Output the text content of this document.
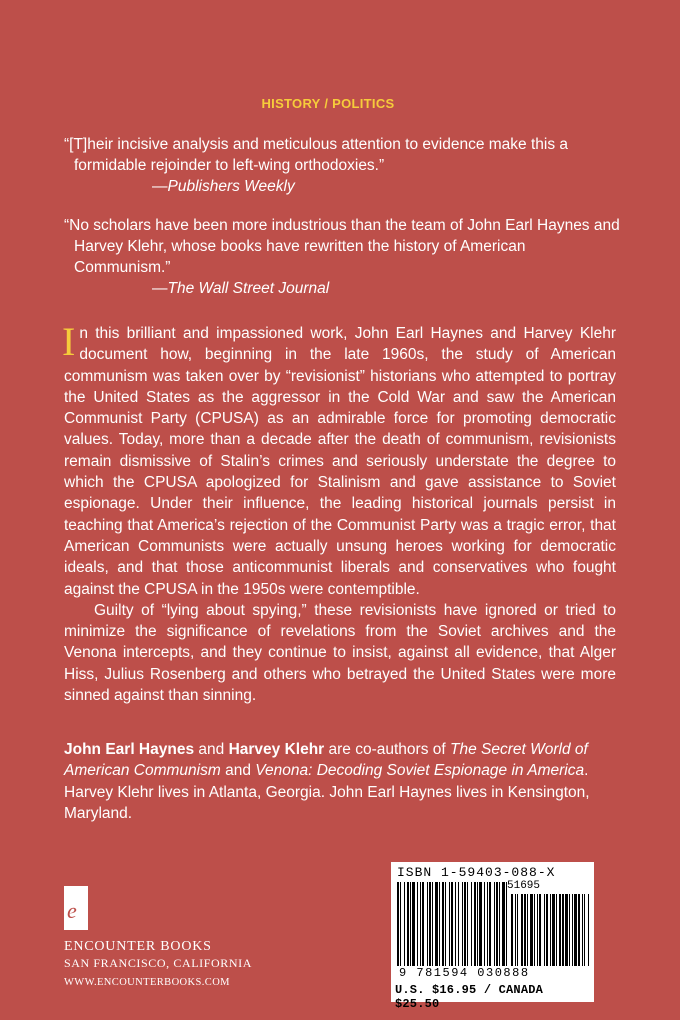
HISTORY / POLITICS
“[T]heir incisive analysis and meticulous attention to evidence make this a formidable rejoinder to left-wing orthodoxies.”
—Publishers Weekly
“No scholars have been more industrious than the team of John Earl Haynes and Harvey Klehr, whose books have rewritten the history of American Communism.”
—The Wall Street Journal

In this brilliant and impassioned work, John Earl Haynes and Harvey Klehr document how, beginning in the late 1960s, the study of American communism was taken over by “revisionist” historians who attempted to portray the United States as the aggressor in the Cold War and saw the American Communist Party (CPUSA) as an admirable force for promoting democratic values. Today, more than a decade after the death of communism, revisionists remain dismissive of Stalin’s crimes and seriously understate the degree to which the CPUSA apologized for Stalinism and gave assistance to Soviet espionage. Under their influence, the leading historical journals persist in teaching that America’s rejection of the Communist Party was a tragic error, that American Communists were actually unsung heroes working for democratic ideals, and that those anticommunist liberals and conservatives who fought against the CPUSA in the 1950s were contemptible.

Guilty of “lying about spying,” these revisionists have ignored or tried to minimize the significance of revelations from the Soviet archives and the Venona intercepts, and they continue to insist, against all evidence, that Alger Hiss, Julius Rosenberg and others who betrayed the United States were more sinned against than sinning.

John Earl Haynes and Harvey Klehr are co-authors of The Secret World of American Communism and Venona: Decoding Soviet Espionage in America. Harvey Klehr lives in Atlanta, Georgia. John Earl Haynes lives in Kensington, Maryland.
e
ENCOUNTER BOOKS
SAN FRANCISCO, CALIFORNIA
WWW.ENCOUNTERBOOKS.COM
ISBN 1-59403-088-X
51695
9 781594 030888
U.S. $16.95 / CANADA $25.50
